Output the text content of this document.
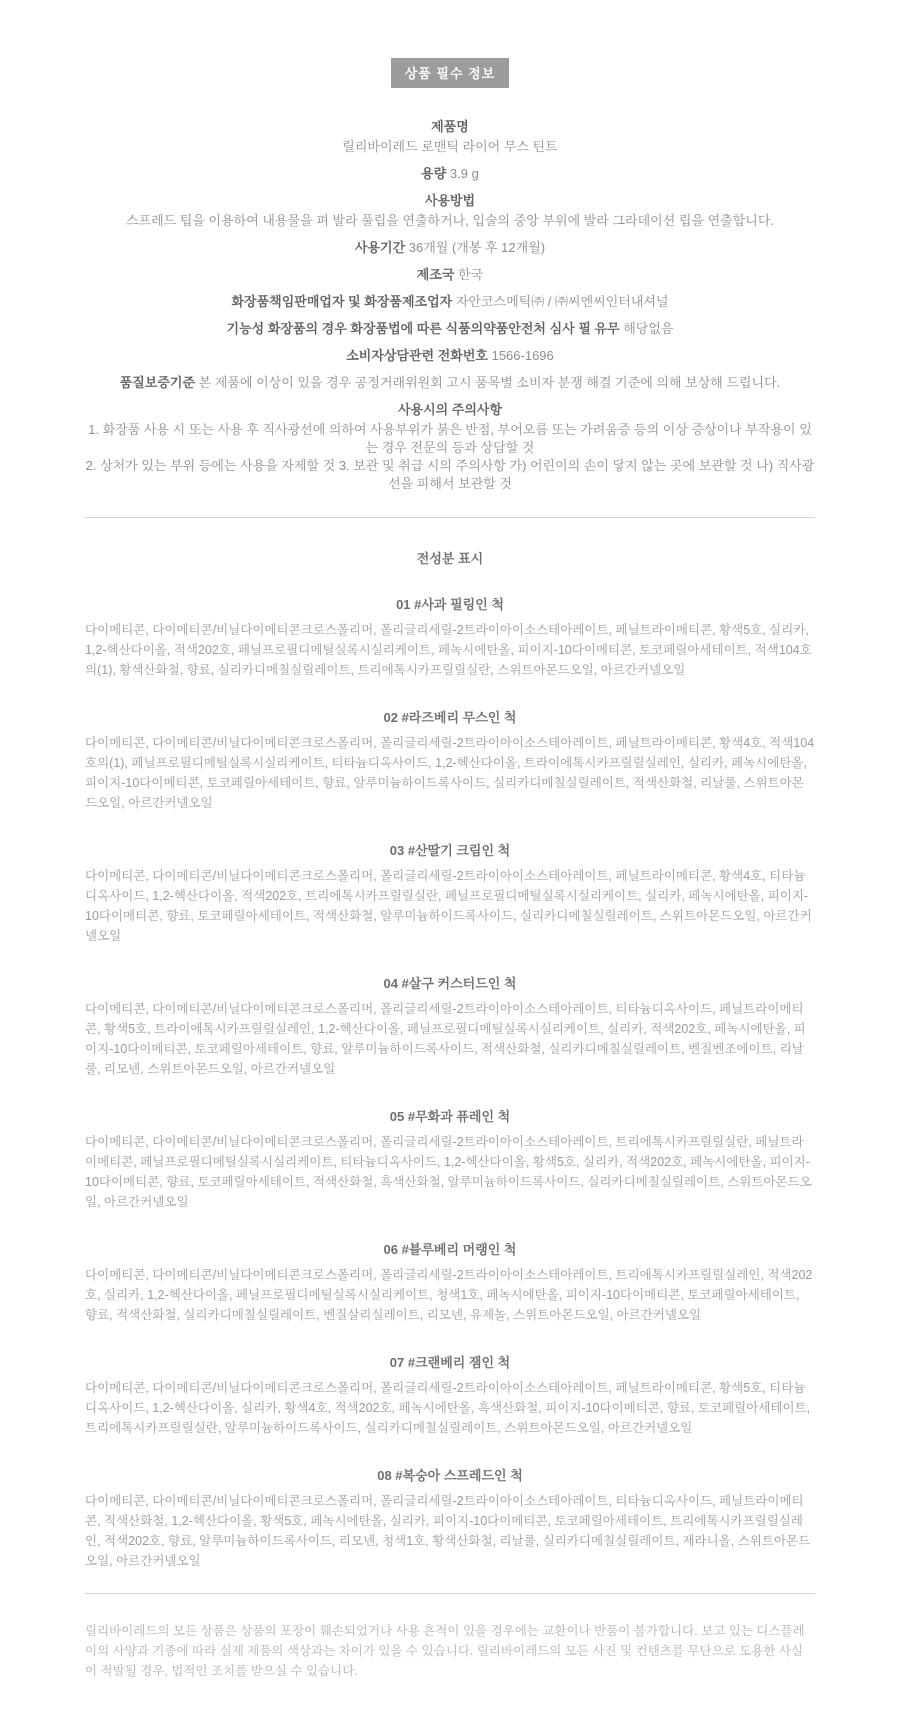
상품 필수 정보
제품명
릴리바이레드 로맨틱 라이어 무스 틴트
용량 3.9 g
사용방법
스프레드 팁을 이용하여 내용물을 펴 발라 풀립을 연출하거나, 입술의 중앙 부위에 발라 그라데이션 립을 연출합니다.
사용기간 36개월 (개봉 후 12개월)
제조국 한국
화장품책임판매업자 및 화장품제조업자 자안코스메틱㈜ / ㈜씨엔씨인터내셔널
기능성 화장품의 경우 화장품법에 따른 식품의약품안전처 심사 필 유무 해당없음
소비자상담관련 전화번호 1566-1696
품질보증기준 본 제품에 이상이 있을 경우 공정거래위원회 고시 품목별 소비자 분쟁 해결 기준에 의해 보상해 드립니다.
사용시의 주의사항
1. 화장품 사용 시 또는 사용 후 직사광선에 의하여 사용부위가 붉은 반점, 부어오름 또는 가려움증 등의 이상 증상이나 부작용이 있는 경우 전문의 등과 상담할 것
2. 상처가 있는 부위 등에는 사용을 자제할 것 3. 보관 및 취급 시의 주의사항 가) 어린이의 손이 닿지 않는 곳에 보관할 것 나) 직사광선을 피해서 보관할 것
전성분 표시
01 #사과 필링인 척
다이메티콘, 다이메티콘/비닐다이메티콘크로스폴리머, 폴리글리세릴-2트라이아이소스테아레이트, 페닐트라이메티콘, 황색5호, 실리카, 1,2-헥산다이올, 적색202호, 페닐프로필디메틸실록시실리케이트, 페녹시에탄올, 피이지-10다이메티콘, 토코페릴아세테이트, 적색104호의(1), 황색산화철, 향료, 실리카디메칠실릴레이트, 트리에톡시카프릴릴실란, 스위트아몬드오일, 아르간커넬오일
02 #라즈베리 무스인 척
다이메티콘, 다이메티콘/비닐다이메티콘크로스폴리머, 폴리글리세릴-2트라이아이소스테아레이트, 페닐트라이메티콘, 황색4호, 적색104호의(1), 페닐프로필디메틸실록시실리케이트, 티타늄디옥사이드, 1,2-헥산다이올, 트라이에톡시카프릴릴실레인, 실리카, 페녹시에탄올, 피이지-10다이메티콘, 토코페릴아세테이트, 향료, 알루미늄하이드록사이드, 실리카디메칠실릴레이트, 적색산화철, 리날룰, 스위트아몬드오일, 아르간커넬오일
03 #산딸기 크림인 척
다이메티콘, 다이메티콘/비닐다이메티콘크로스폴리머, 폴리글리세릴-2트라이아이소스테아레이트, 페닐트라이메티콘, 황색4호, 티타늄디옥사이드, 1,2-헥산다이올, 적색202호, 트리에톡시카프릴릴실란, 페닐프로필디메틸실록시실리케이트, 실리카, 페녹시에탄올, 피이지-10다이메티콘, 향료, 토코페릴아세테이트, 적색산화철, 알루미늄하이드록사이드, 실리카디메칠실릴레이트, 스위트아몬드오일, 아르간커넬오일
04 #살구 커스터드인 척
다이메티콘, 다이메티콘/비닐다이메티콘크로스폴리머, 폴리글리세릴-2트라이아이소스테아레이트, 티타늄디옥사이드, 페닐트라이메티콘, 황색5호, 트라이에톡시카프릴릴실레인, 1,2-헥산다이올, 페닐프로필디메틸실록시실리케이트, 실리카, 적색202호, 페녹시에탄올, 피이지-10다이메티콘, 토코페릴아세테이트, 향료, 알루미늄하이드록사이드, 적색산화철, 실리카디메칠실릴레이트, 벤질벤조에이트, 리날룰, 리모넨, 스위트아몬드오일, 아르간커넬오일
05 #무화과 퓨레인 척
다이메티콘, 다이메티콘/비닐다이메티콘크로스폴리머, 폴리글리세릴-2트라이아이소스테아레이트, 트리에톡시카프릴릴실란, 페닐트라이메티콘, 페닐프로필디메틸실록시실리케이트, 티타늄디옥사이드, 1,2-헥산다이올, 황색5호, 실리카, 적색202호, 페녹시에탄올, 피이지-10다이메티콘, 향료, 토코페릴아세테이트, 적색산화철, 흑색산화철, 알루미늄하이드록사이드, 실리카디메칠실릴레이트, 스위트아몬드오일, 아르간커넬오일
06 #블루베리 머랭인 척
다이메티콘, 다이메티콘/비닐다이메티콘크로스폴리머, 폴리글리세릴-2트라이아이소스테아레이트, 트리에톡시카프릴릴실레인, 적색202호, 실리카, 1,2-헥산다이올, 페닐프로필디메틸실록시실리케이트, 청색1호, 페녹시에탄올, 피이지-10다이메티콘, 토코페릴아세테이트, 향료, 적색산화철, 실리카디메칠실릴레이트, 벤질살리실레이트, 리모넨, 유제놀, 스위트아몬드오일, 아르간커넬오일
07 #크랜베리 잼인 척
다이메티콘, 다이메티콘/비닐다이메티콘크로스폴리머, 폴리글리세릴-2트라이아이소스테아레이트, 페닐트라이메티콘, 황색5호, 티타늄디옥사이드, 1,2-헥산다이올, 실리카, 황색4호, 적색202호, 페녹시에탄올, 흑색산화철, 피이지-10다이메티콘, 향료, 토코페릴아세테이트, 트리에톡시카프릴릴실란, 알루미늄하이드록사이드, 실리카디메칠실릴레이트, 스위트아몬드오일, 아르간커넬오일
08 #복숭아 스프레드인 척
다이메티콘, 다이메티콘/비닐다이메티콘크로스폴리머, 폴리글리세릴-2트라이아이소스테아레이트, 티타늄디옥사이드, 페닐트라이메티콘, 적색산화철, 1,2-헥산다이올, 황색5호, 페녹시에탄올, 실리카, 피이지-10다이메티콘, 토코페릴아세테이트, 트리에톡시카프릴릴실레인, 적색202호, 향료, 알루미늄하이드록사이드, 리모넨, 청색1호, 황색산화철, 리날룰, 실리카디메칠실릴레이트, 제라니올, 스위트아몬드오일, 아르간커넬오일
릴리바이레드의 모든 상품은 상품의 포장이 훼손되었거나 사용 흔적이 있을 경우에는 교환이나 반품이 불가합니다. 보고 있는 디스플레이의 사양과 기종에 따라 실제 제품의 색상과는 차이가 있을 수 있습니다. 릴리바이레드의 모든 사진 및 컨텐츠를 무단으로 도용한 사실이 적발될 경우, 법적인 조치를 받으실 수 있습니다.
